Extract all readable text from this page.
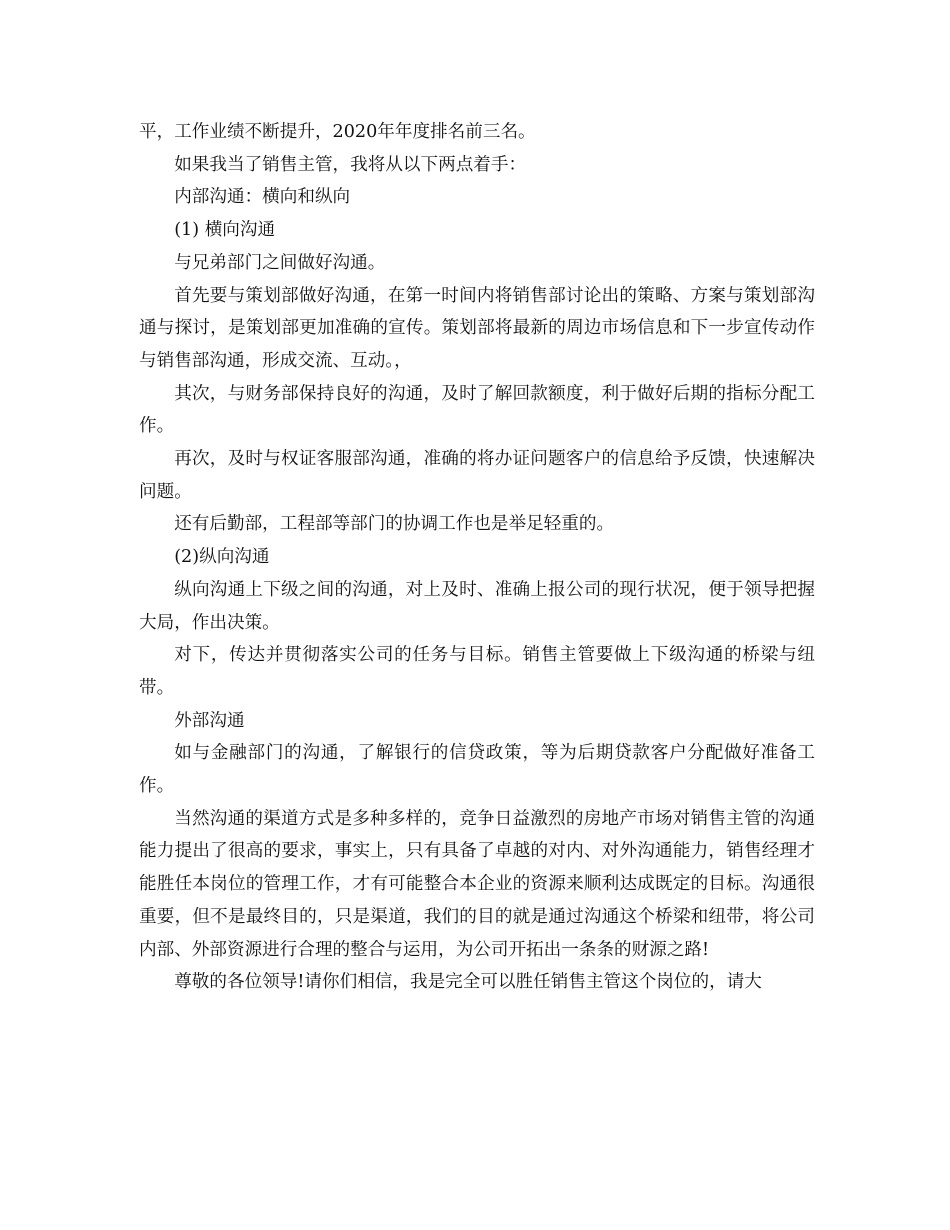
平，工作业绩不断提升，2020年年度排名前三名。

如果我当了销售主管，我将从以下两点着手：

内部沟通：横向和纵向

(1) 横向沟通

与兄弟部门之间做好沟通。

首先要与策划部做好沟通，在第一时间内将销售部讨论出的策略、方案与策划部沟通与探讨，是策划部更加准确的宣传。策划部将最新的周边市场信息和下一步宣传动作与销售部沟通，形成交流、互动。，

其次，与财务部保持良好的沟通，及时了解回款额度，利于做好后期的指标分配工作。

再次，及时与权证客服部沟通，准确的将办证问题客户的信息给予反馈，快速解决问题。

还有后勤部，工程部等部门的协调工作也是举足轻重的。

(2)纵向沟通

纵向沟通上下级之间的沟通，对上及时、准确上报公司的现行状况，便于领导把握大局，作出决策。

对下，传达并贯彻落实公司的任务与目标。销售主管要做上下级沟通的桥梁与纽带。

外部沟通

如与金融部门的沟通，了解银行的信贷政策，等为后期贷款客户分配做好准备工作。

当然沟通的渠道方式是多种多样的，竞争日益激烈的房地产市场对销售主管的沟通能力提出了很高的要求，事实上，只有具备了卓越的对内、对外沟通能力，销售经理才能胜任本岗位的管理工作，才有可能整合本企业的资源来顺利达成既定的目标。沟通很重要，但不是最终目的，只是渠道，我们的目的就是通过沟通这个桥梁和纽带，将公司内部、外部资源进行合理的整合与运用，为公司开拓出一条条的财源之路!

尊敬的各位领导!请你们相信，我是完全可以胜任销售主管这个岗位的，请大
